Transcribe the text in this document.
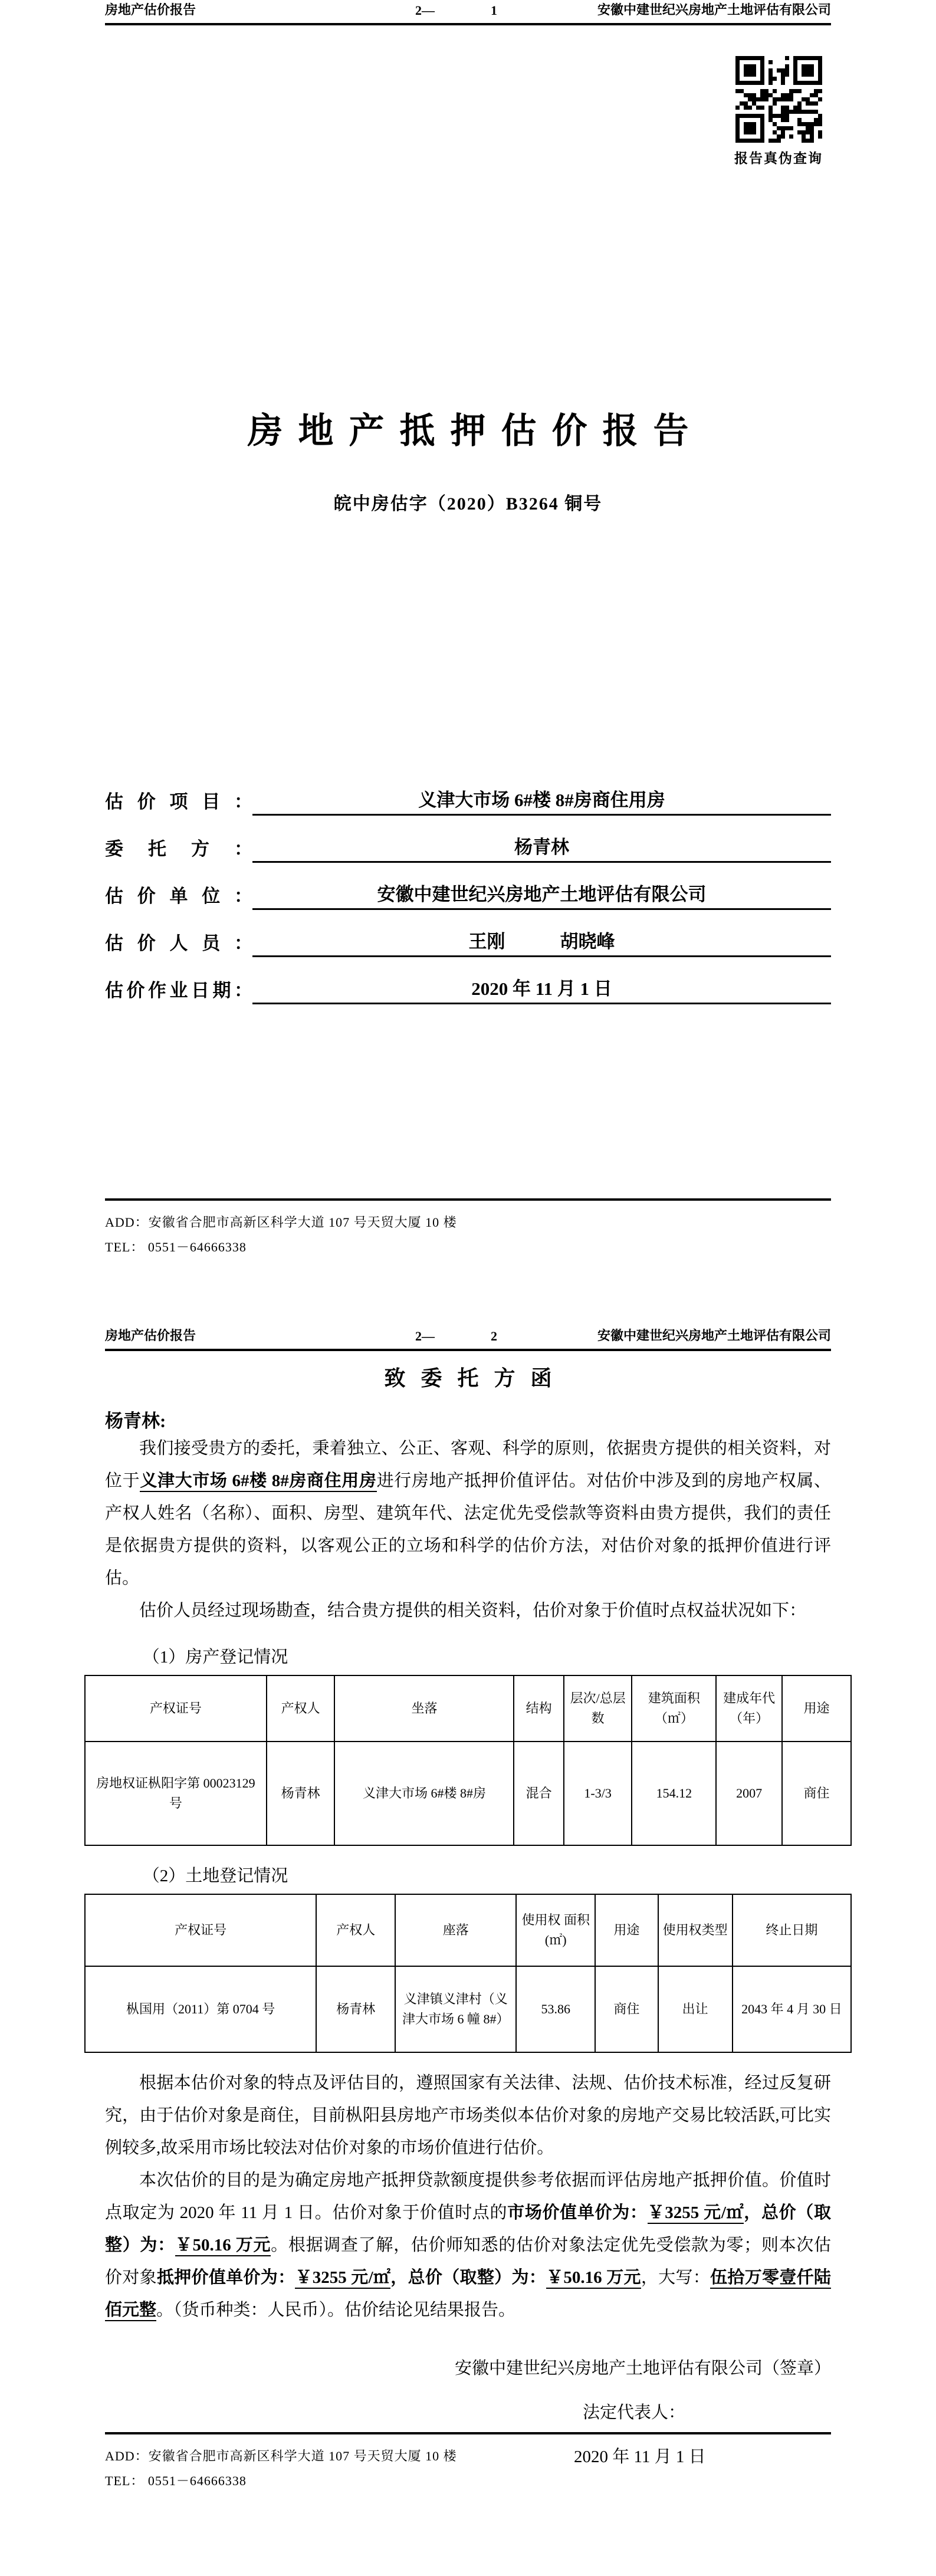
房地产估价报告	2—	1	安徽中建世纪兴房地产土地评估有限公司
报告真伪查询
房地产抵押估价报告
皖中房估字（2020）B3264 铜号
估 价 项 目 ：	义津大市场 6#楼 8#房商住用房
委 托 方 ：	杨青林
估 价 单 位 ：	安徽中建世纪兴房地产土地评估有限公司
估 价 人 员 ：	王刚　　　胡晓峰
估价作业日期：	2020 年 11 月 1 日
ADD：安徽省合肥市高新区科学大道 107 号天贸大厦 10 楼
TEL： 0551－64666338
房地产估价报告	2—	2	安徽中建世纪兴房地产土地评估有限公司
致委托方函
杨青林:
我们接受贵方的委托，秉着独立、公正、客观、科学的原则，依据贵方提供的相关资料，对位于义津大市场 6#楼 8#房商住用房进行房地产抵押价值评估。对估价中涉及到的房地产权属、产权人姓名（名称）、面积、房型、建筑年代、法定优先受偿款等资料由贵方提供，我们的责任是依据贵方提供的资料，以客观公正的立场和科学的估价方法，对估价对象的抵押价值进行评估。
估价人员经过现场勘查，结合贵方提供的相关资料，估价对象于价值时点权益状况如下：
（1）房产登记情况
产权证号	产权人	坐落	结构	层次/总层数	建筑面积（㎡）	建成年代（年）	用途
房地权证枞阳字第 00023129 号	杨青林	义津大市场 6#楼 8#房	混合	1-3/3	154.12	2007	商住
（2）土地登记情况
产权证号	产权人	座落	使用权 面积(㎡)	用途	使用权类型	终止日期
枞国用（2011）第 0704 号	杨青林	义津镇义津村（义津大市场 6 幢 8#）	53.86	商住	出让	2043 年 4 月 30 日
根据本估价对象的特点及评估目的，遵照国家有关法律、法规、估价技术标准，经过反复研究，由于估价对象是商住，目前枞阳县房地产市场类似本估价对象的房地产交易比较活跃,可比实例较多,故采用市场比较法对估价对象的市场价值进行估价。
本次估价的目的是为确定房地产抵押贷款额度提供参考依据而评估房地产抵押价值。价值时点取定为 2020 年 11 月 1 日。估价对象于价值时点的市场价值单价为：￥3255 元/㎡，总价（取整）为：￥50.16 万元。根据调查了解，估价师知悉的估价对象法定优先受偿款为零；则本次估价对象抵押价值单价为：￥3255 元/㎡，总价（取整）为：￥50.16 万元，大写：伍拾万零壹仟陆佰元整。（货币种类：人民币）。估价结论见结果报告。
安徽中建世纪兴房地产土地评估有限公司（签章）
法定代表人：
2020 年 11 月 1 日
ADD：安徽省合肥市高新区科学大道 107 号天贸大厦 10 楼
TEL： 0551－64666338
